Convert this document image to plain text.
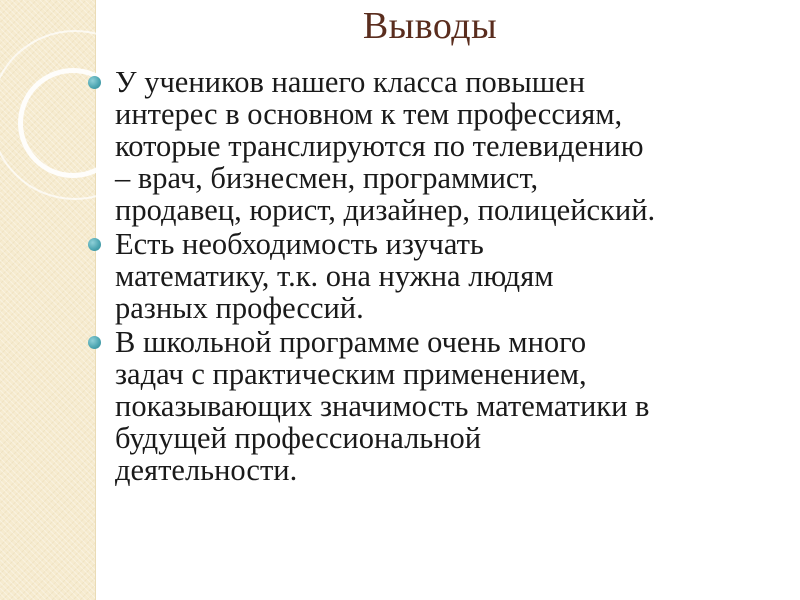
Выводы
У учеников нашего класса повышен
интерес в основном к тем профессиям,
которые транслируются по телевидению
– врач, бизнесмен, программист,
продавец, юрист, дизайнер, полицейский.
Есть необходимость изучать
математику, т.к. она нужна людям
разных профессий.
В школьной программе очень много
задач с практическим применением,
показывающих значимость математики в
будущей профессиональной
деятельности.
